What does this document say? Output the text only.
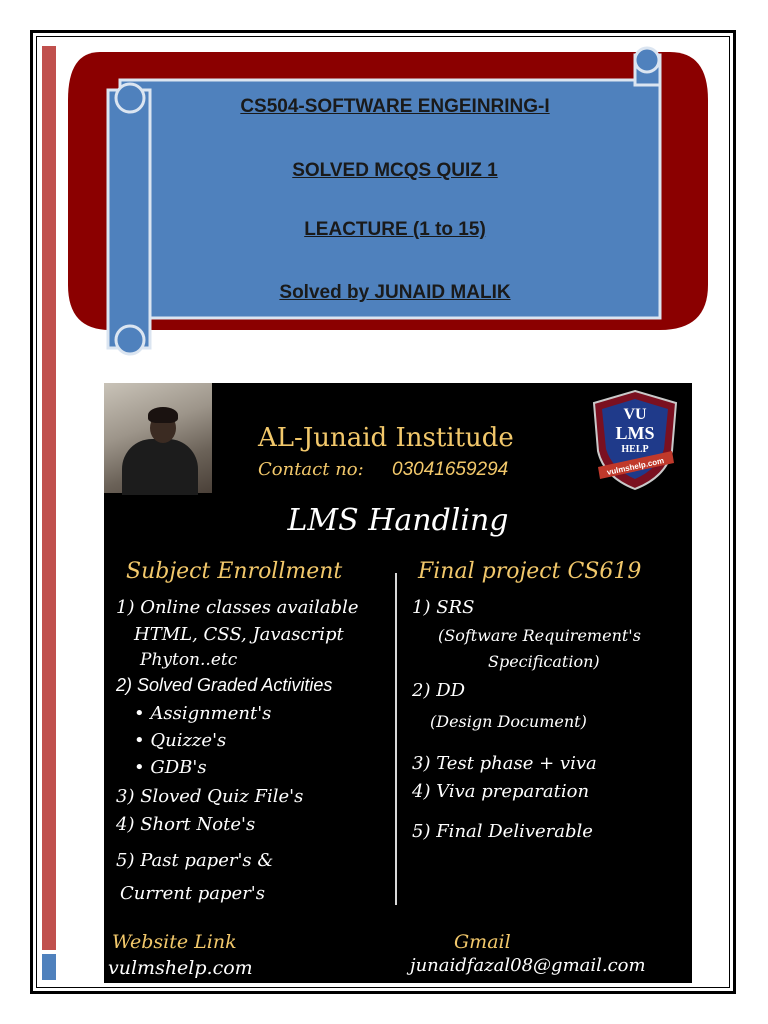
CS504-SOFTWARE ENGEINRING-I
SOLVED MCQS QUIZ 1
LEACTURE (1 to 15)
Solved by JUNAID MALIK
AL-Junaid Institude
Contact no: 03041659294
VU
LMS
HELP
vulmshelp.com
LMS Handling
Subject Enrollment	Final project CS619
1) Online classes available
HTML, CSS, Javascript
Phyton..etc
2) Solved Graded Activities
• Assignment's
• Quizze's
• GDB's
3) Sloved Quiz File's
4) Short Note's
5) Past paper's &
Current paper's
1) SRS
(Software Requirement's
Specification)
2) DD
(Design Document)
3) Test phase + viva
4) Viva preparation
5) Final Deliverable
Website Link
vulmshelp.com
Gmail
junaidfazal08@gmail.com
